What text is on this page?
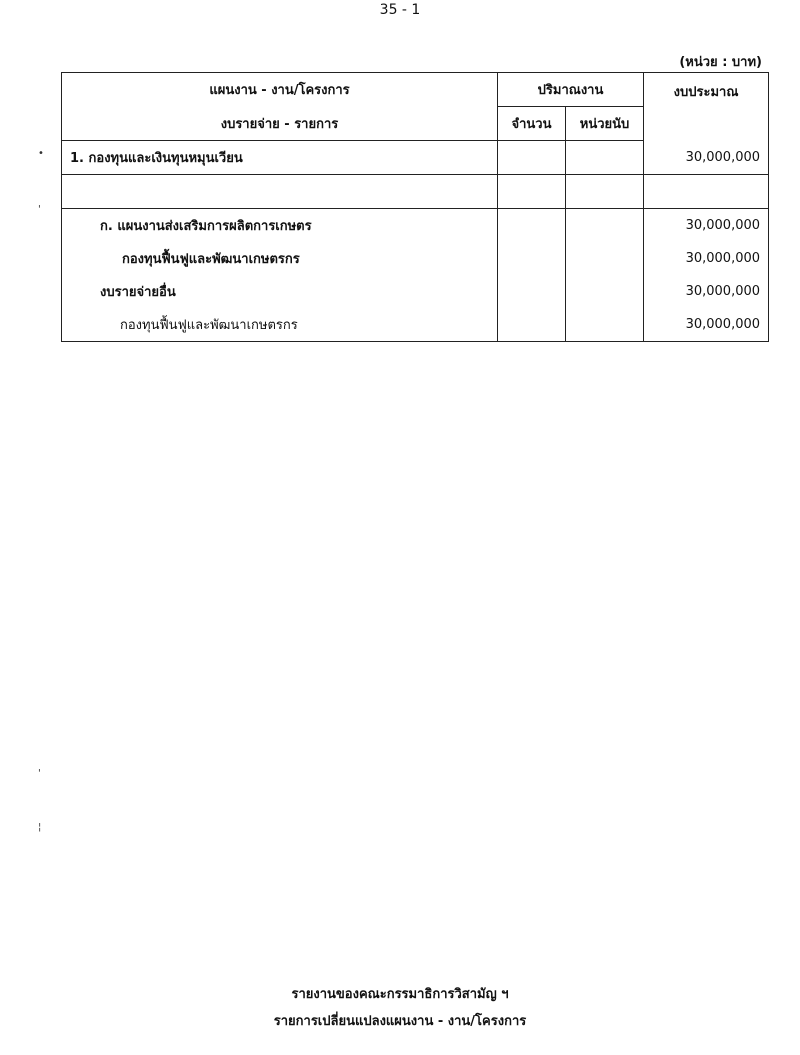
35 - 1
(หน่วย : บาท)
แผนงาน - งาน/โครงการ	ปริมาณงาน		งบประมาณ
งบรายจ่าย - รายการ	จำนวน	หน่วยนับ	
1. กองทุนและเงินทุนหมุนเวียน			30,000,000

ก. แผนงานส่งเสริมการผลิตการเกษตร			30,000,000
กองทุนฟื้นฟูและพัฒนาเกษตรกร			30,000,000
งบรายจ่ายอื่น			30,000,000
กองทุนฟื้นฟูและพัฒนาเกษตรกร			30,000,000
•
'
'
¦
รายงานของคณะกรรมาธิการวิสามัญ ฯ
รายการเปลี่ยนแปลงแผนงาน - งาน/โครงการ
